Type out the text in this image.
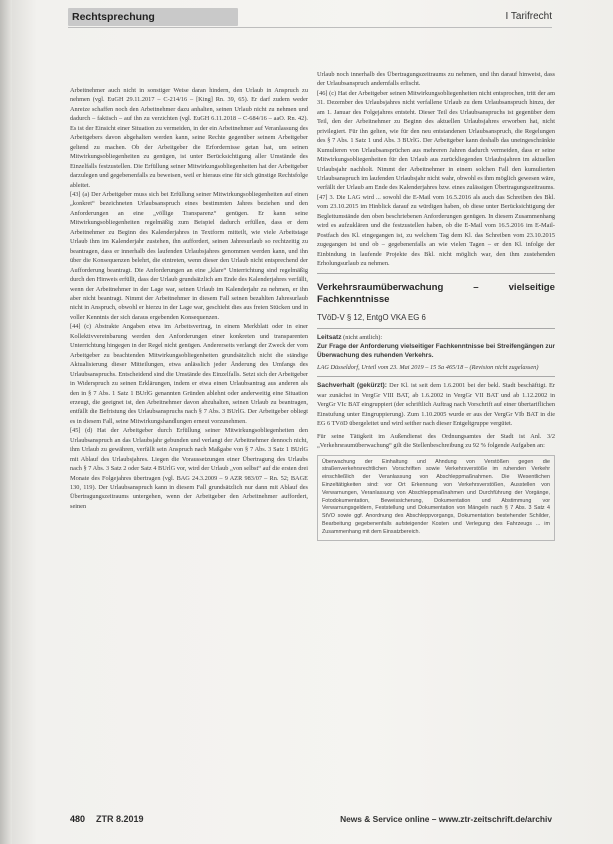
Rechtsprechung	I Tarifrecht

Arbeitnehmer auch nicht in sonstiger Weise daran hindern, den Urlaub in Anspruch zu nehmen (vgl. EuGH 29.11.2017 – C-214/16 – [King] Rn. 39, 65). Er darf zudem weder Anreize schaffen noch den Arbeitnehmer dazu anhalten, seinen Urlaub nicht zu nehmen und dadurch – faktisch – auf ihn zu verzichten (vgl. EuGH 6.11.2018 – C-684/16 – aaO. Rn. 42). Es ist der Einsicht einer Situation zu vermeiden, in der ein Arbeitnehmer auf Veranlassung des Arbeitgebers davon abgehalten werden kann, seine Rechte gegenüber seinem Arbeitgeber geltend zu machen. Ob der Arbeitgeber die Erfordernisse getan hat, um seinen Mitwirkungsobliegenheiten zu genügen, ist unter Berücksichtigung aller Umstände des Einzelfalls festzustellen. Die Erfüllung seiner Mitwirkungsobliegenheiten hat der Arbeitgeber darzulegen und gegebenenfalls zu beweisen, weil er hieraus eine für sich günstige Rechtsfolge ableitet.

[43] (a) Der Arbeitgeber muss sich bei Erfüllung seiner Mitwirkungsobliegenheiten auf einen „konkret“ bezeichneten Urlaubsanspruch eines bestimmten Jahres beziehen und den Anforderungen an eine „völlige Transparenz“ genügen. Er kann seine Mitwirkungsobliegenheiten regelmäßig zum Beispiel dadurch erfüllen, dass er dem Arbeitnehmer zu Beginn des Kalenderjahres in Textform mitteilt, wie viele Arbeitstage Urlaub ihm im Kalenderjahr zustehen, ihn auffordert, seinen Jahresurlaub so rechtzeitig zu beantragen, dass er innerhalb des laufenden Urlaubsjahres genommen werden kann, und ihn über die Konsequenzen belehrt, die eintreten, wenn dieser den Urlaub nicht entsprechend der Aufforderung beantragt. Die Anforderungen an eine „klare“ Unterrichtung sind regelmäßig durch den Hinweis erfüllt, dass der Urlaub grundsätzlich am Ende des Kalenderjahres verfällt, wenn der Arbeitnehmer in der Lage war, seinen Urlaub im Kalenderjahr zu nehmen, er ihn aber nicht beantragt. Nimmt der Arbeitnehmer in diesem Fall seinen bezahlten Jahresurlaub nicht in Anspruch, obwohl er hierzu in der Lage war, geschieht dies aus freien Stücken und in voller Kenntnis der sich daraus ergebenden Konsequenzen.

[44] (c) Abstrakte Angaben etwa im Arbeitsvertrag, in einem Merkblatt oder in einer Kollektivvereinbarung werden den Anforderungen einer konkreten und transparenten Unterrichtung hingegen in der Regel nicht genügen. Andererseits verlangt der Zweck der vom Arbeitgeber zu beachtenden Mitwirkungsobliegenheiten grundsätzlich nicht die ständige Aktualisierung dieser Mitteilungen, etwa anlässlich jeder Änderung des Umfangs des Urlaubsanspruchs. Entscheidend sind die Umstände des Einzelfalls. Setzt sich der Arbeitgeber in Widerspruch zu seinen Erklärungen, indem er etwa einen Urlaubsantrag aus anderen als den in § 7 Abs. 1 Satz 1 BUrlG genannten Gründen ablehnt oder anderweitig eine Situation erzeugt, die geeignet ist, den Arbeitnehmer davon abzuhalten, seinen Urlaub zu beantragen, entfällt die Befristung des Urlaubsanspruchs nach § 7 Abs. 3 BUrlG. Der Arbeitgeber obliegt es in diesem Fall, seine Mitwirkungshandlungen erneut vorzunehmen.

[45] (d) Hat der Arbeitgeber durch Erfüllung seiner Mitwirkungsobliegenheiten den Urlaubsanspruch an das Urlaubsjahr gebunden und verlangt der Arbeitnehmer dennoch nicht, ihm Urlaub zu gewähren, verfällt sein Anspruch nach Maßgabe von § 7 Abs. 3 Satz 1 BUrlG mit Ablauf des Urlaubsjahres. Liegen die Voraussetzungen einer Übertragung des Urlaubs nach § 7 Abs. 3 Satz 2 oder Satz 4 BUrlG vor, wird der Urlaub „von selbst“ auf die ersten drei Monate des Folgejahres übertragen (vgl. BAG 24.3.2009 – 9 AZR 983/07 – Rn. 52; BAGE 130, 119). Der Urlaubsanspruch kann in diesem Fall grundsätzlich nur dann mit Ablauf des Übertragungszeitraums untergehen, wenn der Arbeitgeber den Arbeitnehmer auffordert, seinen

Urlaub noch innerhalb des Übertragungszeitraums zu nehmen, und ihn darauf hinweist, dass der Urlaubsanspruch andernfalls erlischt.

[46] (c) Hat der Arbeitgeber seinen Mitwirkungsobliegenheiten nicht entsprochen, tritt der am 31. Dezember des Urlaubsjahres nicht verfallene Urlaub zu dem Urlaubsanspruch hinzu, der am 1. Januar des Folgejahres entsteht. Dieser Teil des Urlaubsanspruchs ist gegenüber dem Teil, den der Arbeitnehmer zu Beginn des aktuellen Urlaubsjahres erworben hat, nicht privilegiert. Für ihn gelten, wie für den neu entstandenen Urlaubsanspruch, die Regelungen des § 7 Abs. 1 Satz 1 und Abs. 3 BUrlG. Der Arbeitgeber kann deshalb das uneingeschränkte Kumulieren von Urlaubsansprüchen aus mehreren Jahren dadurch vermeiden, dass er seine Mitwirkungsobliegenheiten für den Urlaub aus zurückliegenden Urlaubsjahren im aktuellen Urlaubsjahr nachholt. Nimmt der Arbeitnehmer in einem solchen Fall den kumulierten Urlaubsanspruch im laufenden Urlaubsjahr nicht wahr, obwohl es ihm möglich gewesen wäre, verfällt der Urlaub am Ende des Kalenderjahres bzw. eines zulässigen Übertragungszeitraums.

[47] 3. Die LAG wird ... sowohl die E-Mail vom 16.5.2016 als auch das Schreiben des Bkl. vom 23.10.2015 im Hinblick darauf zu würdigen haben, ob diese unter Berücksichtigung der Begleitumstände den oben beschriebenen Anforderungen genügen. In diesem Zusammenhang wird es aufzuklären und die festzustellen haben, ob die E-Mail vom 16.5.2016 im E-Mail-Postfach des Kl. eingegangen ist, zu welchem Tag dem Kl. das Schreiben vom 23.10.2015 zugegangen ist und ob – gegebenenfalls an wie vielen Tagen – er den Kl. infolge der Einbindung in laufende Projekte des Bkl. nicht möglich war, den ihm zustehenden Erholungsurlaub zu nehmen.

Verkehrsraumüberwachung – vielseitige Fachkenntnisse
TVöD-V § 12, EntgO VKA EG 6

Leitsatz (nicht amtlich):

Zur Frage der Anforderung vielseitiger Fachkenntnisse bei Streifengängen zur Überwachung des ruhenden Verkehrs.

LAG Düsseldorf, Urteil vom 23. Mai 2019 – 15 Sa 465/18 – (Revision nicht zugelassen)

Sachverhalt (gekürzt): Der Kl. ist seit dem 1.6.2001 bei der bekl. Stadt beschäftigt. Er war zunächst in VergGr VIII BAT, ab 1.6.2002 in VergGr VII BAT und ab 1.12.2002 in VergGr VIc BAT eingruppiert (der schriftlich Auftrag nach Vorschrift auf einer übertariflichen Einstufung unter Eingruppierung). Zum 1.10.2005 wurde er aus der VergGr VIb BAT in die EG 6 TVöD übergeleitet und wird seither nach dieser Entgeltgruppe vergütet.

Für seine Tätigkeit im Außendienst des Ordnungsamtes der Stadt ist Anl. 3/2 „Verkehrsraumüberwachung“ gilt die Stellenbeschreibung zu 92 % folgende Aufgaben an:

Überwachung der Einhaltung und Ahndung von Verstößen gegen die straßenverkehrsrechtlichen Vorschriften sowie Verkehrsverstöße im ruhenden Verkehr einschließlich der Veranlassung von Abschleppmaßnahmen. Die Wesentlichen Einzeltätigkeiten sind: vor Ort Erkennung von Verkehrsverstößen, Ausstellen von Verwarnungen, Veranlassung von Abschleppmaßnahmen und Durchführung der Vorgänge, Fotodokumentation, Beweissicherung, Dokumentation und Abstimmung vor Verwarnungsgeldern, Feststellung und Dokumentation von Mängeln nach § 7 Abs. 3 Satz 4 StVO sowie ggf. Anordnung des Abschleppvorgangs, Dokumentation bestehender Schilder, Bearbeitung gegebenenfalls aufsteigender Kosten und Verlegung des Fahrzeugs ... im Zusammenhang mit dem Einsatzbereich.
480 ZTR 8.2019	News & Service online – www.ztr-zeitschrift.de/archiv
